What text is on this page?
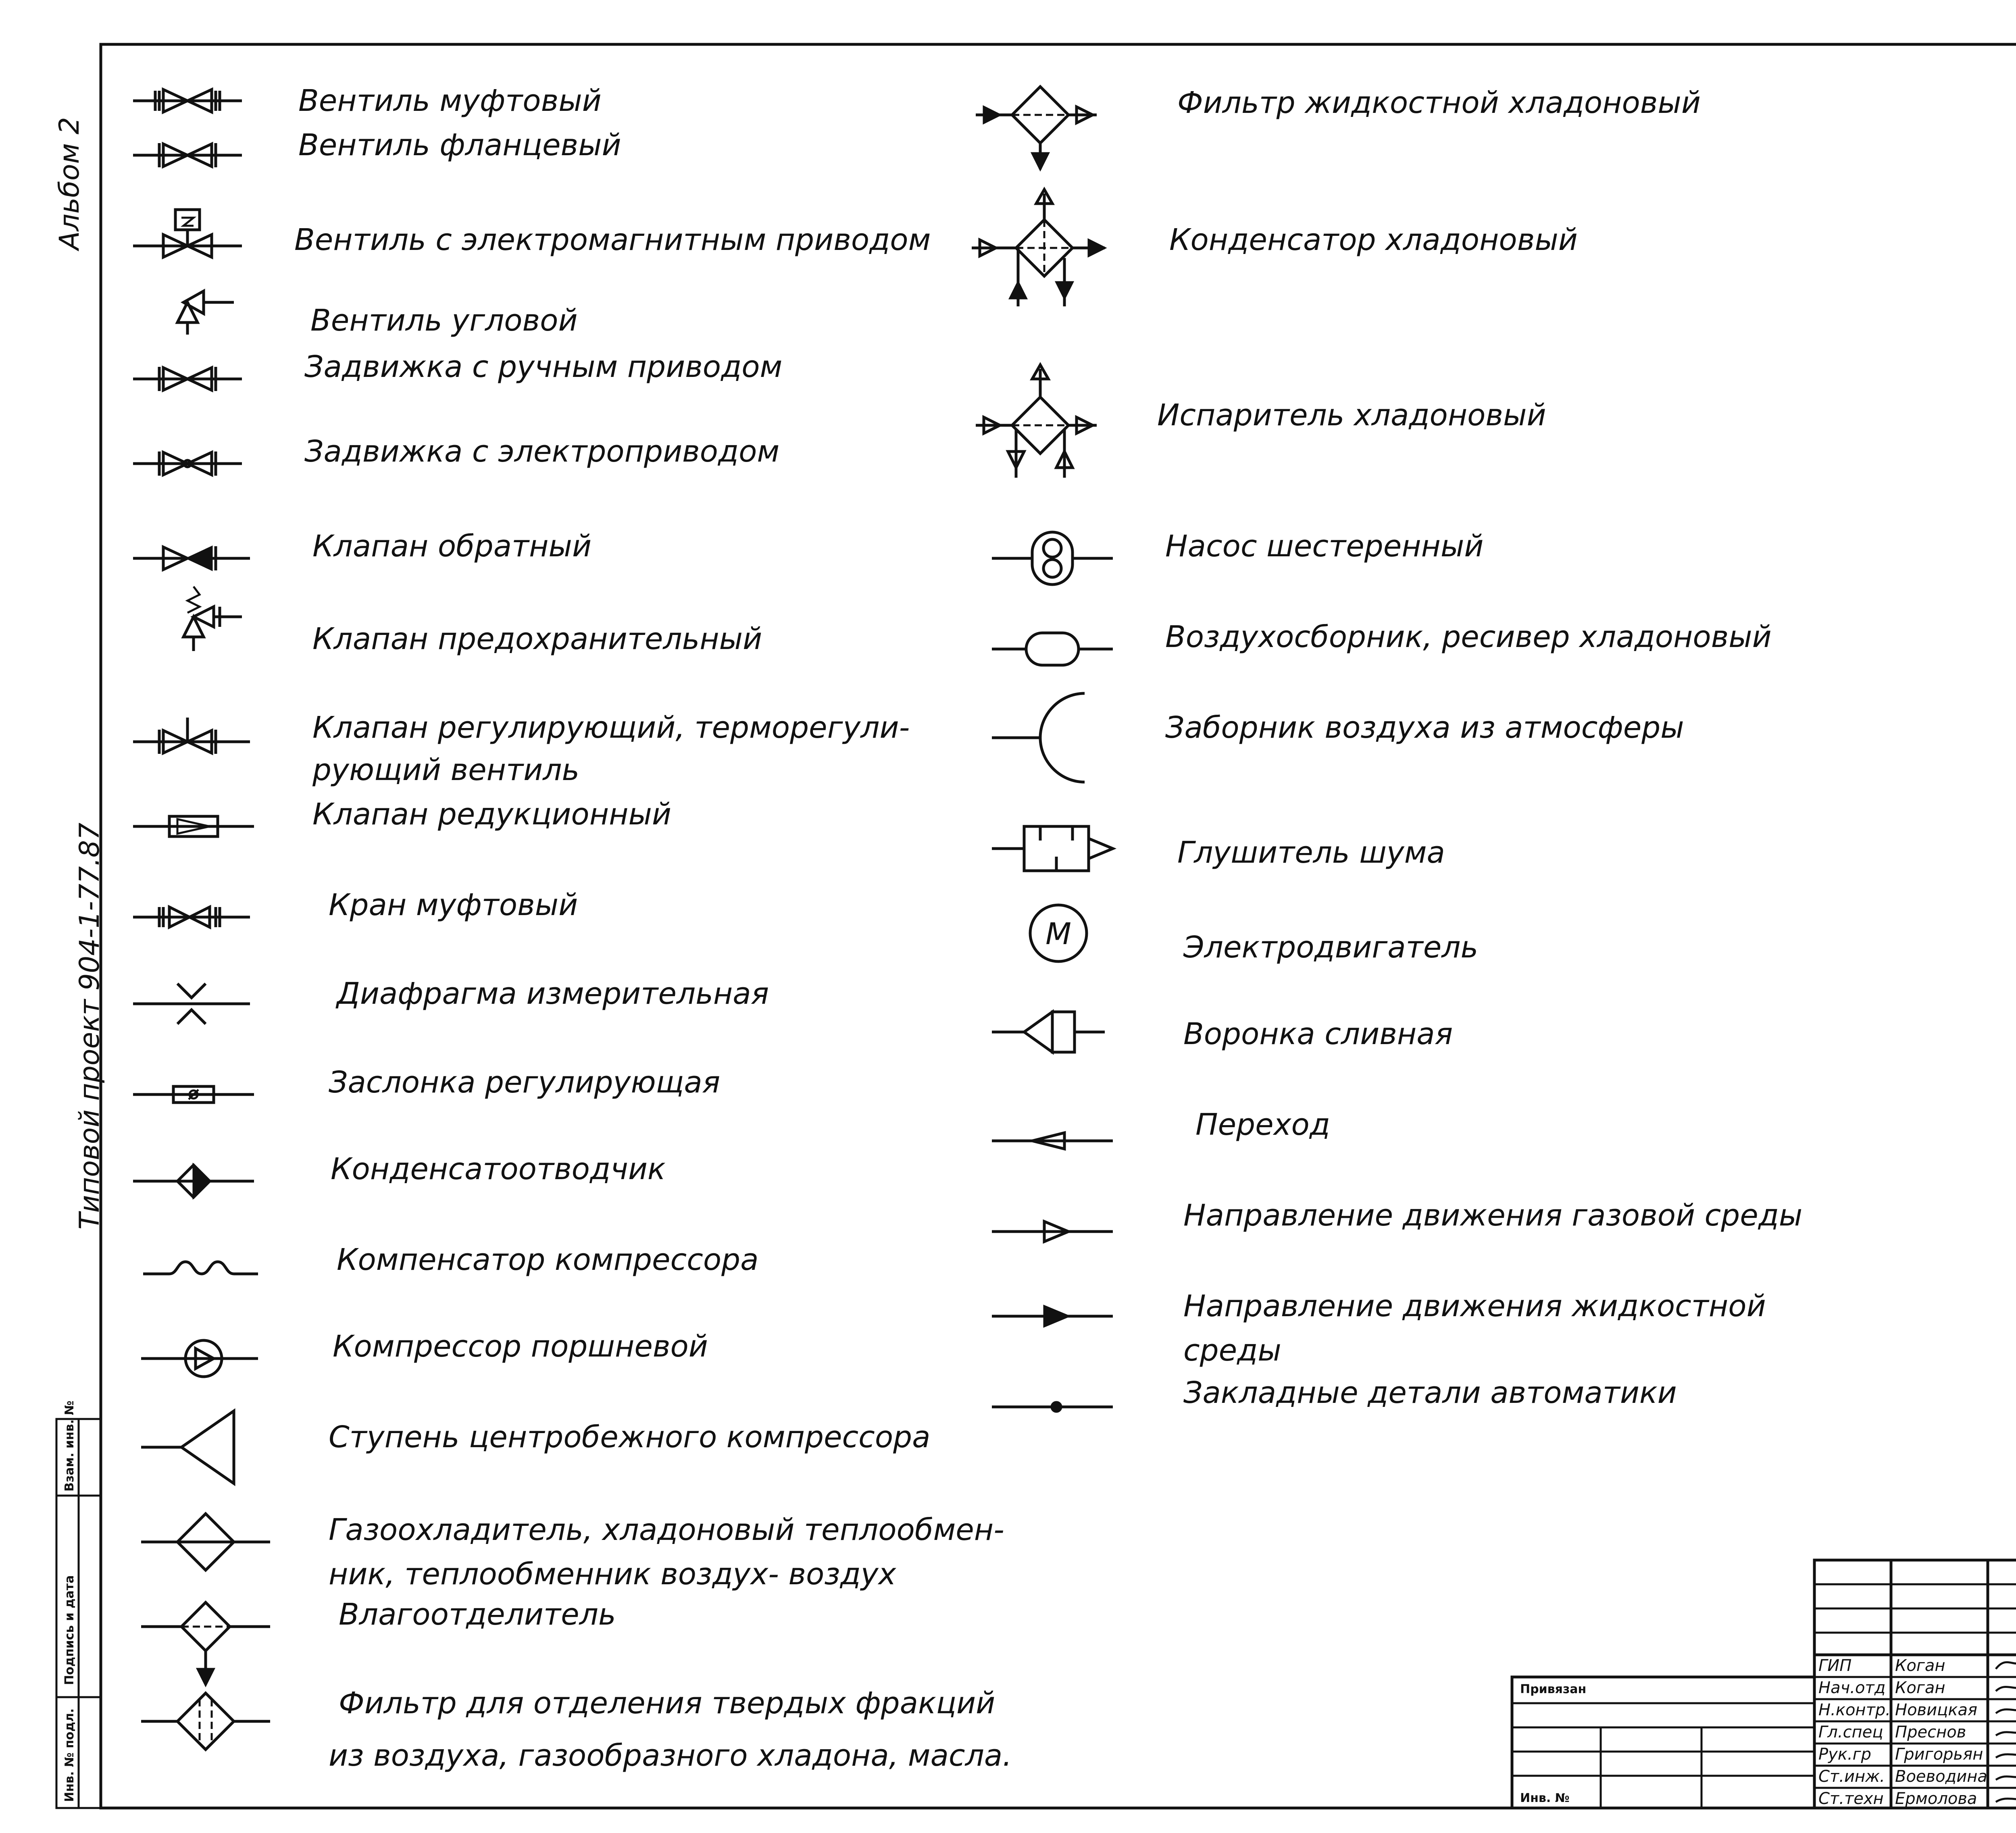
Альбом 2
Типовой проект 904-1-77.87
Взам. инв. №
Подпись и дата
Инв. № подл.
Вентиль муфтовый
Вентиль фланцевый
Вентиль с электромагнитным приводом
Вентиль угловой
Задвижка с ручным приводом
Задвижка с электроприводом
Клапан обратный
Клапан предохранительный
Клапан регулирующий, терморегули-
рующий вентиль
Клапан редукционный
Кран муфтовый
Диафрагма измерительная
Заслонка регулирующая
Конденсатоотводчик
Компенсатор компрессора
Компрессор поршневой
Ступень центробежного компрессора
Газоохладитель, хладоновый теплообмен-
ник, теплообменник воздух- воздух
Влагоотделитель
Фильтр для отделения твердых фракций
из воздуха, газообразного хладона, масла.
Фильтр жидкостной хладоновый
Конденсатор хладоновый
Испаритель хладоновый
Насос шестеренный
Воздухосборник, ресивер хладоновый
Заборник воздуха из атмосферы
Глушитель шума
М	Электродвигатель
Воронка сливная
Переход
Направление движения газовой среды
Направление движения жидкостной
среды
Закладные детали автоматики
Привязан
Инв. №
ГИП	Коган
Нач.отд Коган
Н.контр. Новицкая
Гл.спец Преснов
Рук.гр Григорьян
Ст.инж. Воеводина
Ст.техн Ермолова
